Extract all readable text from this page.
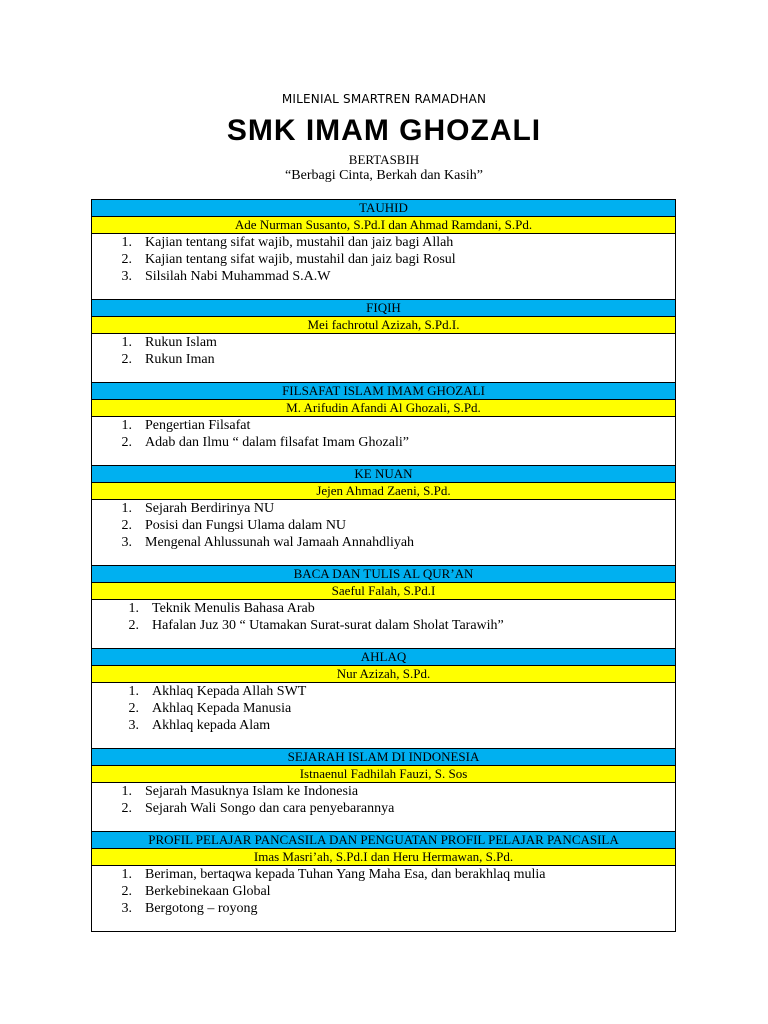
MILENIAL SMARTREN RAMADHAN
SMK IMAM GHOZALI
BERTASBIH
“Berbagi Cinta, Berkah dan Kasih”
TAUHID
Ade Nurman Susanto, S.Pd.I dan Ahmad Ramdani, S.Pd.
1. Kajian tentang sifat wajib, mustahil dan jaiz bagi Allah
2. Kajian tentang sifat wajib, mustahil dan jaiz bagi Rosul
3. Silsilah Nabi Muhammad S.A.W
FIQIH
Mei fachrotul Azizah, S.Pd.I.
1. Rukun Islam
2. Rukun Iman
FILSAFAT ISLAM IMAM GHOZALI
M. Arifudin Afandi Al Ghozali, S.Pd.
1. Pengertian Filsafat
2. Adab dan Ilmu “ dalam filsafat Imam Ghozali”
KE NUAN
Jejen Ahmad Zaeni, S.Pd.
1. Sejarah Berdirinya NU
2. Posisi dan Fungsi Ulama dalam NU
3. Mengenal Ahlussunah wal Jamaah Annahdliyah
BACA DAN TULIS AL QUR’AN
Saeful Falah, S.Pd.I
1. Teknik Menulis Bahasa Arab
2. Hafalan Juz 30 “ Utamakan Surat-surat dalam Sholat Tarawih”
AHLAQ
Nur Azizah, S.Pd.
1. Akhlaq Kepada Allah SWT
2. Akhlaq Kepada Manusia
3. Akhlaq kepada Alam
SEJARAH ISLAM DI INDONESIA
Istnaenul Fadhilah Fauzi, S. Sos
1. Sejarah Masuknya Islam ke Indonesia
2. Sejarah Wali Songo dan cara penyebarannya
PROFIL PELAJAR PANCASILA DAN PENGUATAN PROFIL PELAJAR PANCASILA
Imas Masri’ah, S.Pd.I dan Heru Hermawan, S.Pd.
1. Beriman, bertaqwa kepada Tuhan Yang Maha Esa, dan berakhlaq mulia
2. Berkebinekaan Global
3. Bergotong – royong
